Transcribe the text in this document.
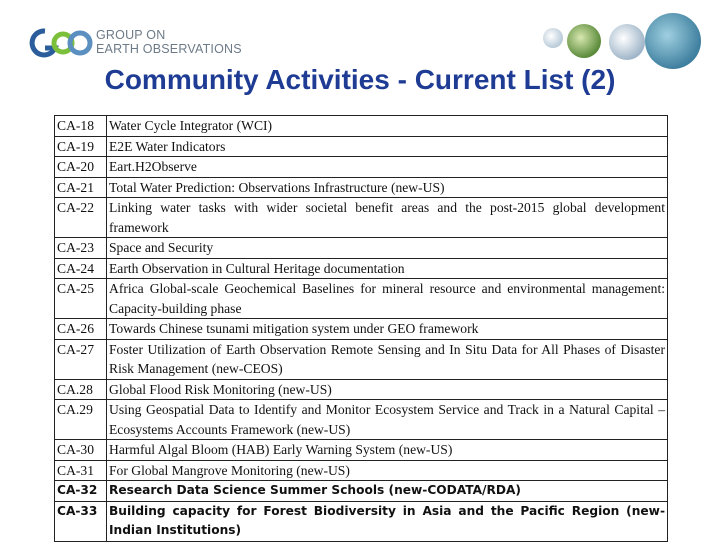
GROUP ON
EARTH OBSERVATIONS
Community Activities - Current List (2)
CA-18	Water Cycle Integrator (WCI)
CA-19	E2E Water Indicators
CA-20	Eart.H2Observe
CA-21	Total Water Prediction: Observations Infrastructure (new-US)
CA-22	Linking water tasks with wider societal benefit areas and the post-2015 global development framework
CA-23	Space and Security
CA-24	Earth Observation in Cultural Heritage documentation
CA-25	Africa Global-scale Geochemical Baselines for mineral resource and environmental management: Capacity-building phase
CA-26	Towards Chinese tsunami mitigation system under GEO framework
CA-27	Foster Utilization of Earth Observation Remote Sensing and In Situ Data for All Phases of Disaster Risk Management (new-CEOS)
CA.28	Global Flood Risk Monitoring (new-US)
CA.29	Using Geospatial Data to Identify and Monitor Ecosystem Service and Track in a Natural Capital – Ecosystems Accounts Framework (new-US)
CA-30	Harmful Algal Bloom (HAB) Early Warning System (new-US)
CA-31	For Global Mangrove Monitoring (new-US)
CA-32	Research Data Science Summer Schools (new-CODATA/RDA)
CA-33	Building capacity for Forest Biodiversity in Asia and the Pacific Region (new-Indian Institutions)
